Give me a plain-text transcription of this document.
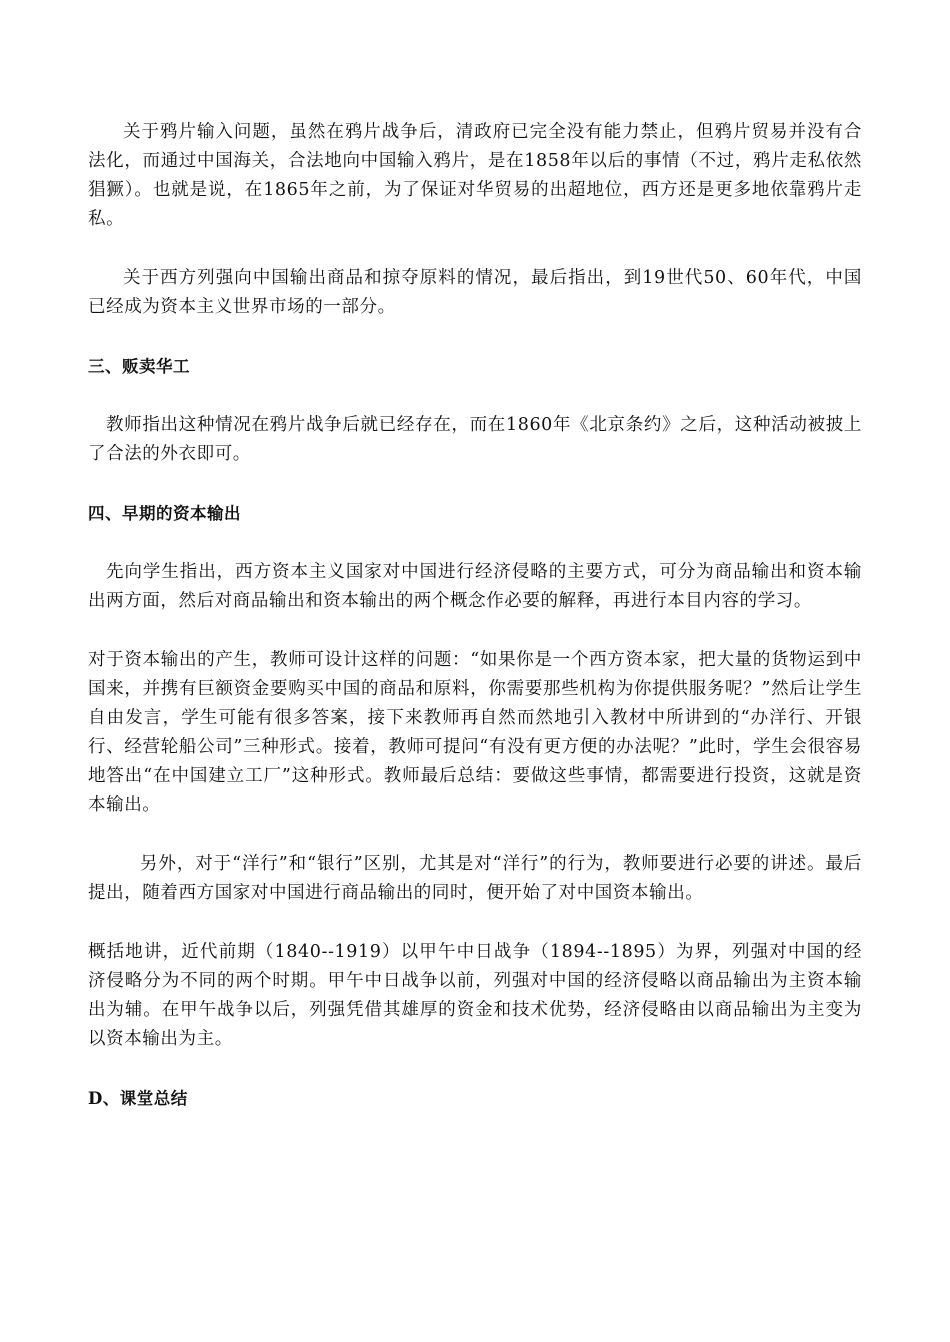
关于鸦片输入问题，虽然在鸦片战争后，清政府已完全没有能力禁止，但鸦片贸易并没有合法化，而通过中国海关，合法地向中国输入鸦片，是在1858年以后的事情（不过，鸦片走私依然猖獗）。也就是说，在1865年之前，为了保证对华贸易的出超地位，西方还是更多地依靠鸦片走私。

关于西方列强向中国输出商品和掠夺原料的情况，最后指出，到19世代50、60年代，中国已经成为资本主义世界市场的一部分。

三、贩卖华工

教师指出这种情况在鸦片战争后就已经存在，而在1860年《北京条约》之后，这种活动被披上了合法的外衣即可。

四、早期的资本输出

先向学生指出，西方资本主义国家对中国进行经济侵略的主要方式，可分为商品输出和资本输出两方面，然后对商品输出和资本输出的两个概念作必要的解释，再进行本目内容的学习。

对于资本输出的产生，教师可设计这样的问题：“如果你是一个西方资本家，把大量的货物运到中国来，并携有巨额资金要购买中国的商品和原料，你需要那些机构为你提供服务呢？”然后让学生自由发言，学生可能有很多答案，接下来教师再自然而然地引入教材中所讲到的“办洋行、开银行、经营轮船公司”三种形式。接着，教师可提问“有没有更方便的办法呢？”此时，学生会很容易地答出“在中国建立工厂”这种形式。教师最后总结：要做这些事情，都需要进行投资，这就是资本输出。

另外，对于“洋行”和“银行”区别，尤其是对“洋行”的行为，教师要进行必要的讲述。最后提出，随着西方国家对中国进行商品输出的同时，便开始了对中国资本输出。

概括地讲，近代前期（1840--1919）以甲午中日战争（1894--1895）为界，列强对中国的经济侵略分为不同的两个时期。甲午中日战争以前，列强对中国的经济侵略以商品输出为主资本输出为辅。在甲午战争以后，列强凭借其雄厚的资金和技术优势，经济侵略由以商品输出为主变为以资本输出为主。

D、课堂总结
